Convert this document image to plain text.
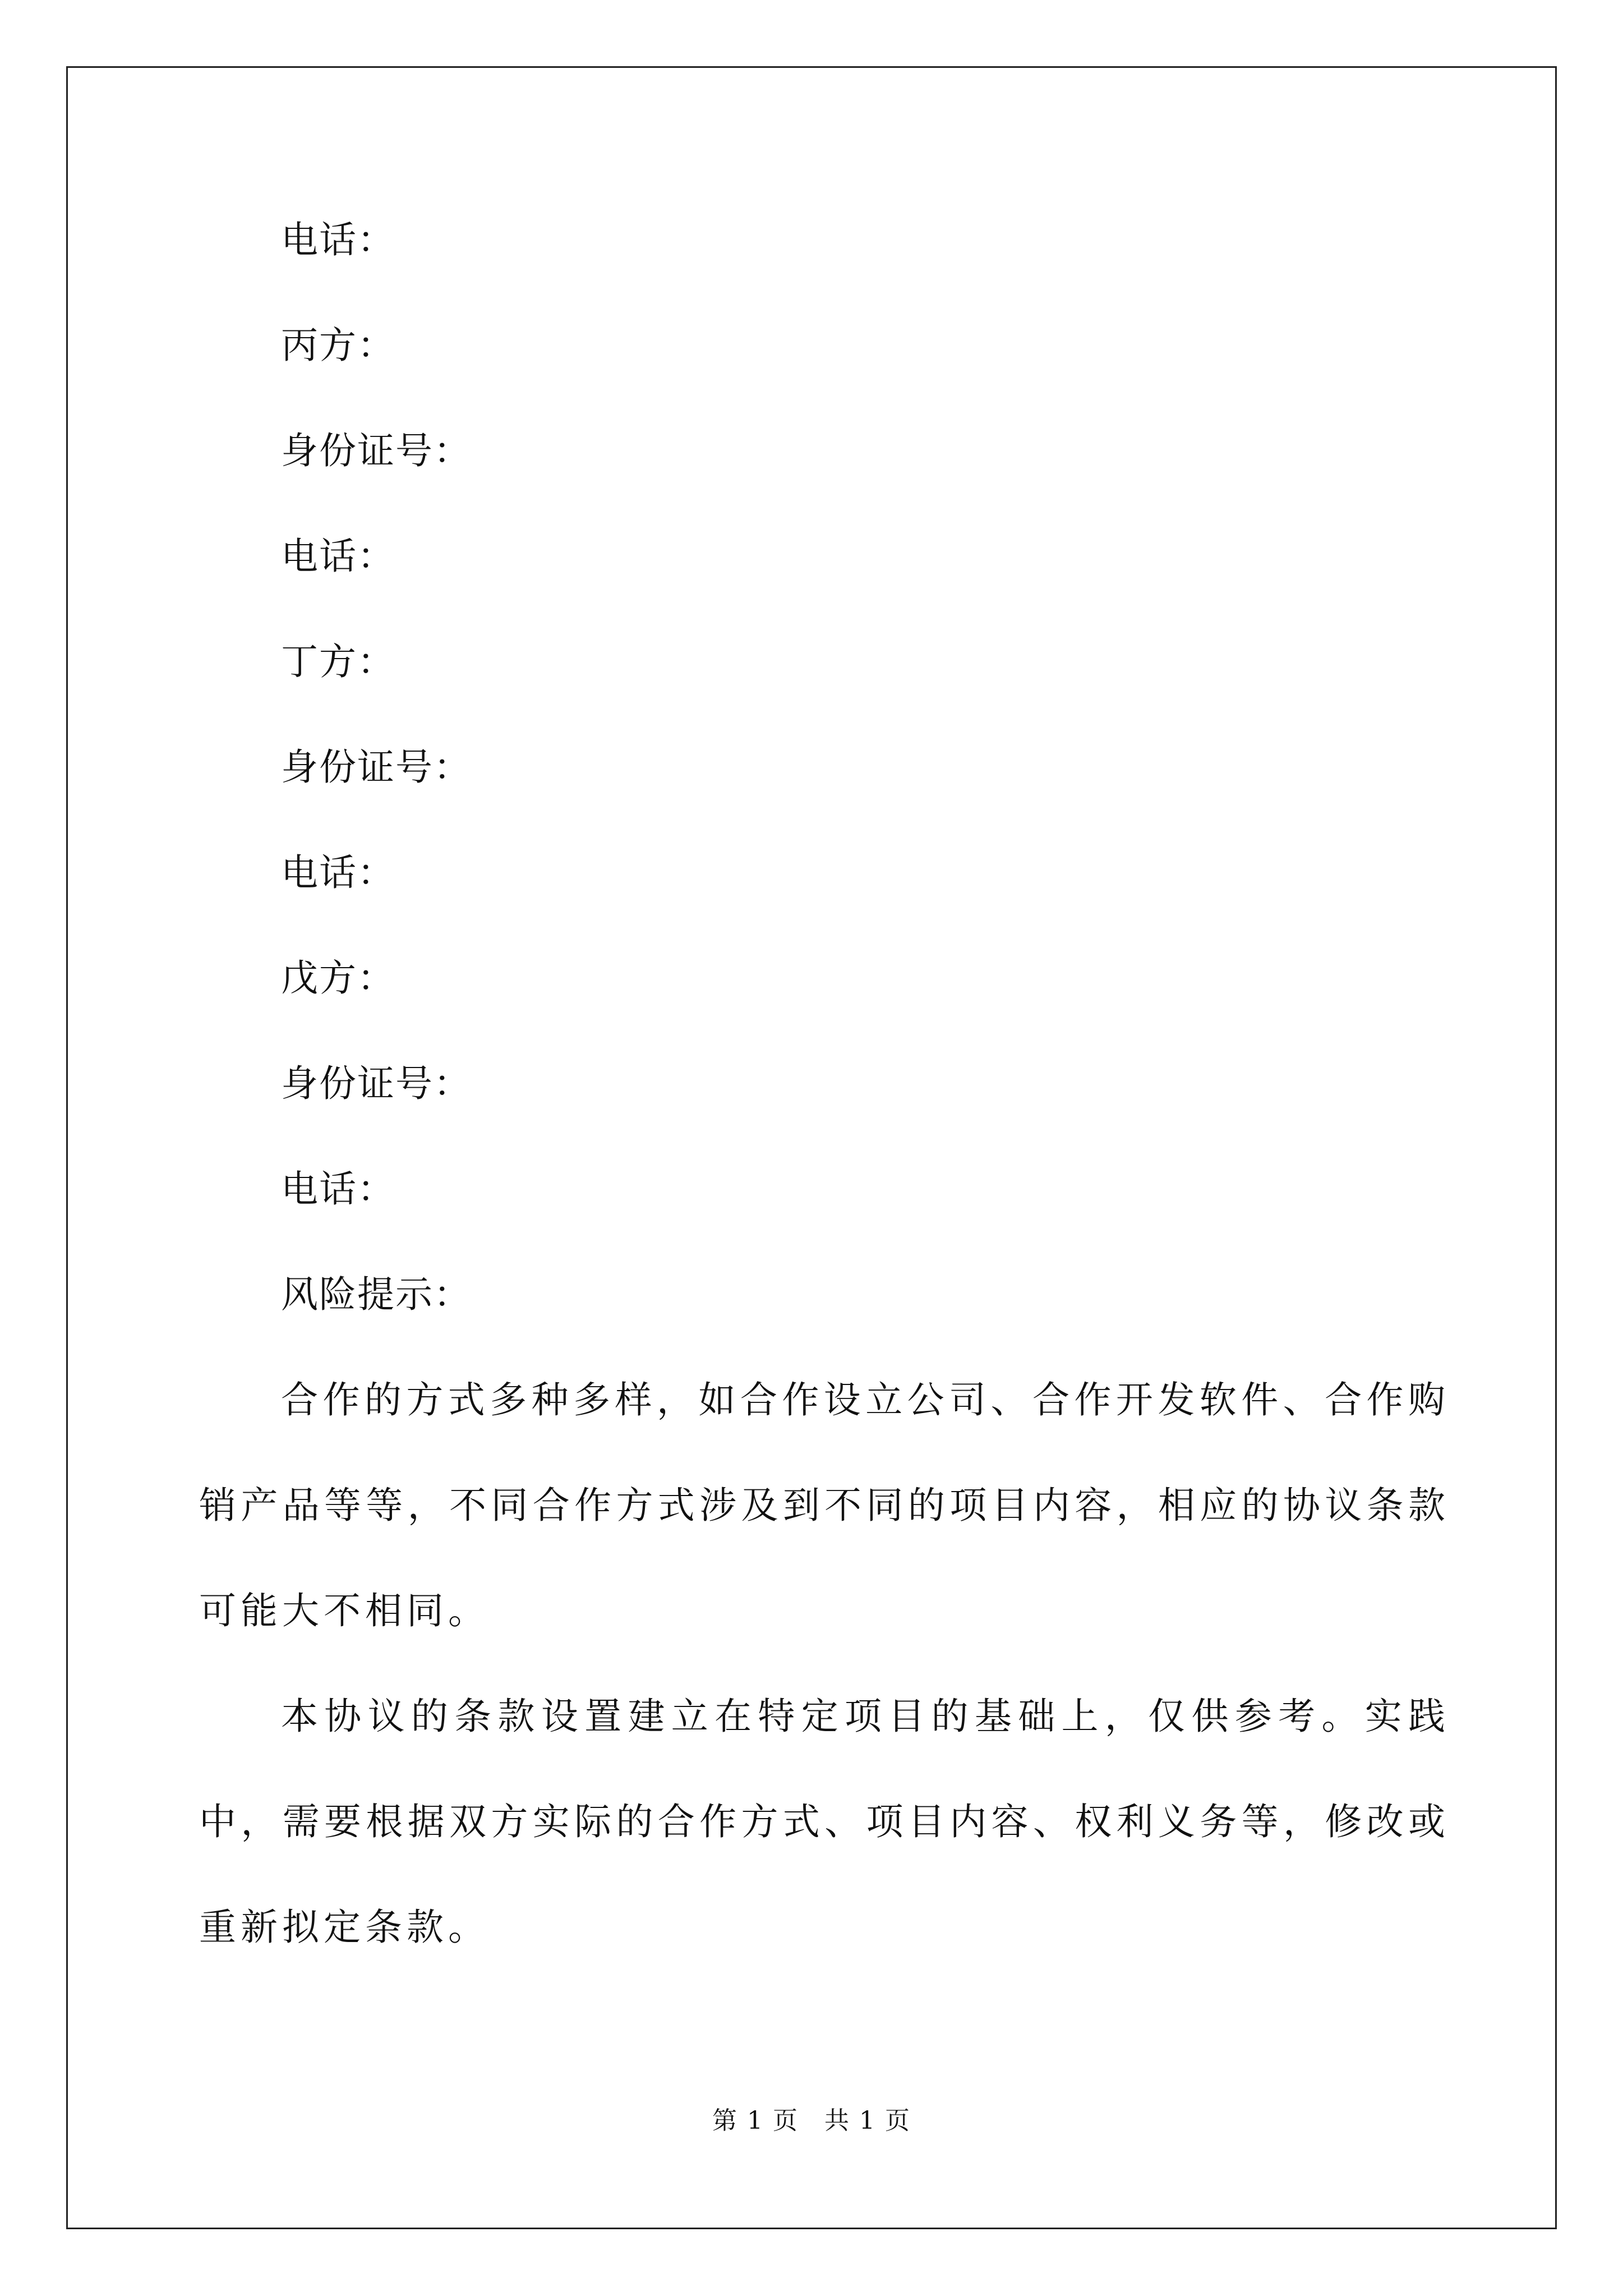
电话：
丙方：
身份证号：
电话：
丁方：
身份证号：
电话：
戊方：
身份证号：
电话：
风险提示：

合作的方式多种多样，如合作设立公司、合作开发软件、合作购销产品等等，不同合作方式涉及到不同的项目内容，相应的协议条款可能大不相同。

本协议的条款设置建立在特定项目的基础上，仅供参考。实践中，需要根据双方实际的合作方式、项目内容、权利义务等，修改或重新拟定条款。

第 1 页　共 1 页
